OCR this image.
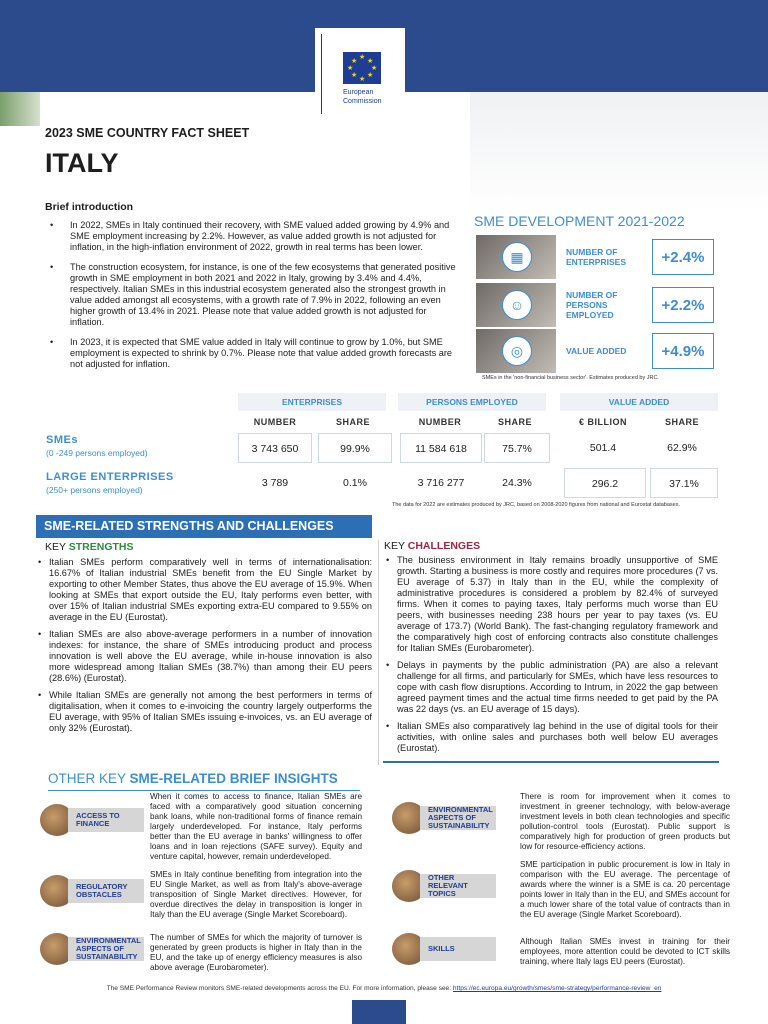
★
★ ★
★	★
★ ★
★
European
Commission
2023 SME COUNTRY FACT SHEET
ITALY
Brief introduction
• In 2022, SMEs in Italy continued their recovery, with SME valued added growing by 4.9% and SME employment increasing by 2.2%. However, as value added growth is not adjusted for inflation, in the high-inflation environment of 2022, growth in real terms has been lower.
• The construction ecosystem, for instance, is one of the few ecosystems that generated positive growth in SME employment in both 2021 and 2022 in Italy, growing by 3.4% and 4.4%, respectively. Italian SMEs in this industrial ecosystem generated also the strongest growth in value added amongst all ecosystems, with a growth rate of 7.9% in 2022, following an even higher growth of 13.4% in 2021. Please note that value added growth is not adjusted for inflation.
• In 2023, it is expected that SME value added in Italy will continue to grow by 1.0%, but SME employment is expected to shrink by 0.7%. Please note that value added growth forecasts are not adjusted for inflation.
SME DEVELOPMENT 2021-2022
▦	NUMBER OF ENTERPRISES	+2.4%
☺
NUMBER OF PERSONS EMPLOYED
+2.2%
◎	VALUE ADDED	+4.9%
SMEs in the 'non-financial business sector'. Estimates produced by JRC.
ENTERPRISES	PERSONS EMPLOYED	VALUE ADDED
NUMBER	SHARE	NUMBER	SHARE	€ BILLION	SHARE
SMEs
(0 -249 persons employed)	3 743 650	99.9%	11 584 618	75.7%	501.4	62.9%
LARGE ENTERPRISES
(250+ persons employed)
3 789	0.1%	3 716 277	24.3%	296.2	37.1%
The data for 2022 are estimates produced by JRC, based on 2008-2020 figures from national and Eurostat databases.
SME-RELATED STRENGTHS AND CHALLENGES
KEY STRENGTHS
• Italian SMEs perform comparatively well in terms of internationalisation: 16.67% of Italian industrial SMEs benefit from the EU Single Market by exporting to other Member States, thus above the EU average of 15.9%. When looking at SMEs that export outside the EU, Italy performs even better, with over 15% of Italian industrial SMEs exporting extra-EU compared to 9.55% on average in the EU (Eurostat).
• Italian SMEs are also above-average performers in a number of innovation indexes: for instance, the share of SMEs introducing product and process innovation is well above the EU average, while in-house innovation is also more widespread among Italian SMEs (38.7%) than among their EU peers (28.6%) (Eurostat).
• While Italian SMEs are generally not among the best performers in terms of digitalisation, when it comes to e-invoicing the country largely outperforms the EU average, with 95% of Italian SMEs issuing e-invoices, vs. an EU average of only 32% (Eurostat).
KEY CHALLENGES
• The business environment in Italy remains broadly unsupportive of SME growth. Starting a business is more costly and requires more procedures (7 vs. EU average of 5.37) in Italy than in the EU, while the complexity of administrative procedures is considered a problem by 82.4% of surveyed firms. When it comes to paying taxes, Italy performs much worse than EU peers, with businesses needing 238 hours per year to pay taxes (vs. EU average of 173.7) (World Bank). The fast-changing regulatory framework and the comparatively high cost of enforcing contracts also constitute challenges for Italian SMEs (Eurobarometer).
• Delays in payments by the public administration (PA) are also a relevant challenge for all firms, and particularly for SMEs, which have less resources to cope with cash flow disruptions. According to Intrum, in 2022 the gap between agreed payment times and the actual time firms needed to get paid by the PA was 22 days (vs. an EU average of 15 days).
• Italian SMEs also comparatively lag behind in the use of digital tools for their activities, with online sales and purchases both well below EU averages (Eurostat).
OTHER KEY SME-RELATED BRIEF INSIGHTS
ACCESS TO FINANCE
When it comes to access to finance, Italian SMEs are faced with a comparatively good situation concerning bank loans, while non-traditional forms of finance remain largely underdeveloped. For instance, Italy performs better than the EU average in banks' willingness to offer loans and in loan rejections (SAFE survey). Equity and venture capital, however, remain underdeveloped.
REGULATORY OBSTACLES
SMEs in Italy continue benefiting from integration into the EU Single Market, as well as from Italy's above-average transposition of Single Market directives. However, for overdue directives the delay in transposition is longer in Italy than the EU average (Single Market Scoreboard).
ENVIRONMENTAL ASPECTS OF SUSTAINABILITY
The number of SMEs for which the majority of turnover is generated by green products is higher in Italy than in the EU, and the take up of energy efficiency measures is also above average (Eurobarometer).
ENVIRONMENTAL ASPECTS OF SUSTAINABILITY
There is room for improvement when it comes to investment in greener technology, with below-average investment levels in both clean technologies and specific pollution-control tools (Eurostat). Public support is comparatively high for production of green products but low for resource-efficiency actions.
OTHER RELEVANT TOPICS
SME participation in public procurement is low in Italy in comparison with the EU average. The percentage of awards where the winner is a SME is ca. 20 percentage points lower in Italy than in the EU, and SMEs account for a much lower share of the total value of contracts than in the EU average (Single Market Scoreboard).
SKILLS
Although Italian SMEs invest in training for their employees, more attention could be devoted to ICT skills training, where Italy lags EU peers (Eurostat).
The SME Performance Review monitors SME-related developments across the EU. For more information, please see: https://ec.europa.eu/growth/smes/sme-strategy/performance-review_en
